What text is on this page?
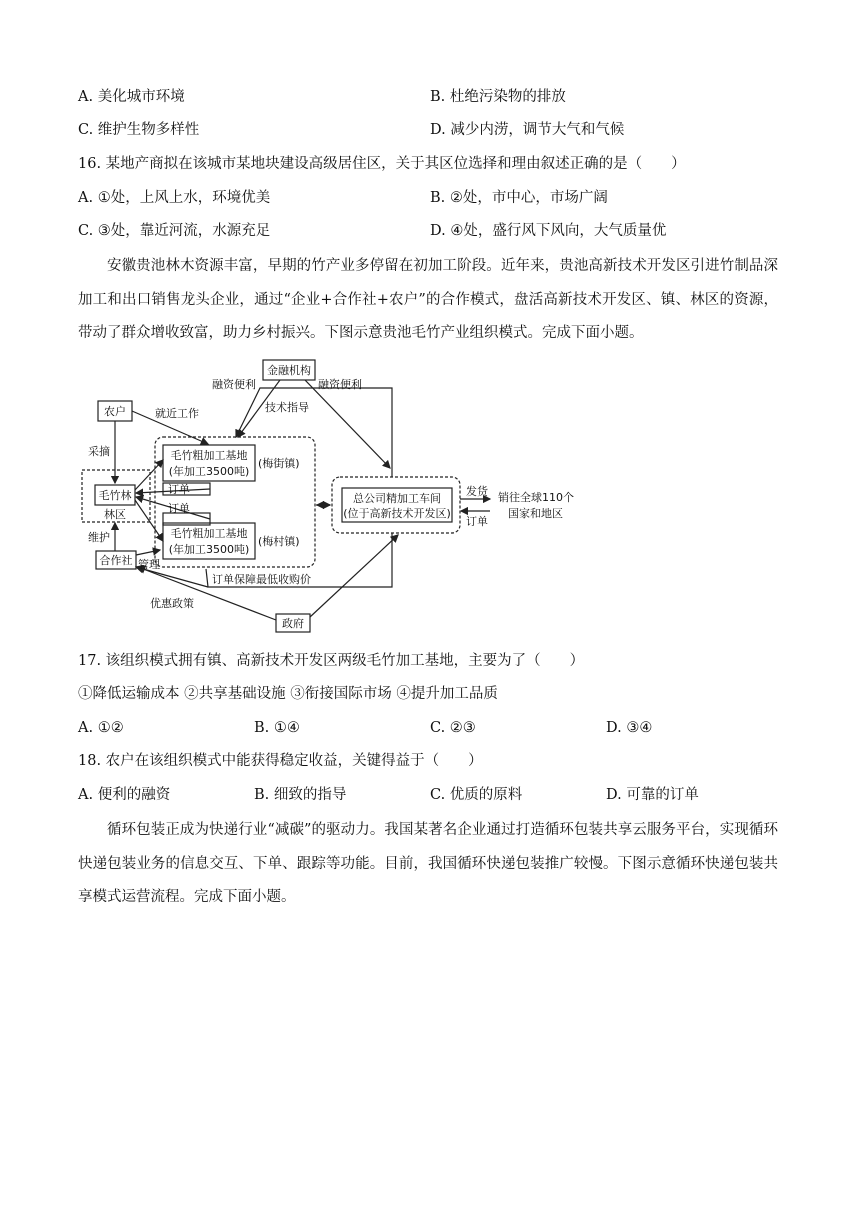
A. 美化城市环境	B. 杜绝污染物的排放
C. 维护生物多样性	D. 减少内涝，调节大气和气候
16. 某地产商拟在该城市某地块建设高级居住区，关于其区位选择和理由叙述正确的是（　　）
A. ①处，上风上水，环境优美	B. ②处，市中心，市场广阔
C. ③处，靠近河流，水源充足	D. ④处，盛行风下风向，大气质量优
安徽贵池林木资源丰富，早期的竹产业多停留在初加工阶段。近年来，贵池高新技术开发区引进竹制品深加工和出口销售龙头企业，通过“企业+合作社+农户”的合作模式，盘活高新技术开发区、镇、林区的资源，带动了群众增收致富，助力乡村振兴。下图示意贵池毛竹产业组织模式。完成下面小题。
金融机构
融资便利	融资便利
农户	就近工作	技术指导
采摘
毛竹林
林区
毛竹粗加工基地
(年加工3500吨)
(梅街镇)
订单
订单
毛竹粗加工基地
(年加工3500吨)
(梅村镇)
总公司精加工车间
(位于高新技术开发区)
发货
订单
销往全球110个
国家和地区
维护
合作社 管理
订单保障最低收购价
优惠政策
政府
17. 该组织模式拥有镇、高新技术开发区两级毛竹加工基地，主要为了（　　）
①降低运输成本 ②共享基础设施 ③衔接国际市场 ④提升加工品质
A. ①②	B. ①④	C. ②③	D. ③④
18. 农户在该组织模式中能获得稳定收益，关键得益于（　　）
A. 便利的融资	B. 细致的指导	C. 优质的原料	D. 可靠的订单
循环包装正成为快递行业“减碳”的驱动力。我国某著名企业通过打造循环包装共享云服务平台，实现循环快递包装业务的信息交互、下单、跟踪等功能。目前，我国循环快递包装推广较慢。下图示意循环快递包装共享模式运营流程。完成下面小题。
